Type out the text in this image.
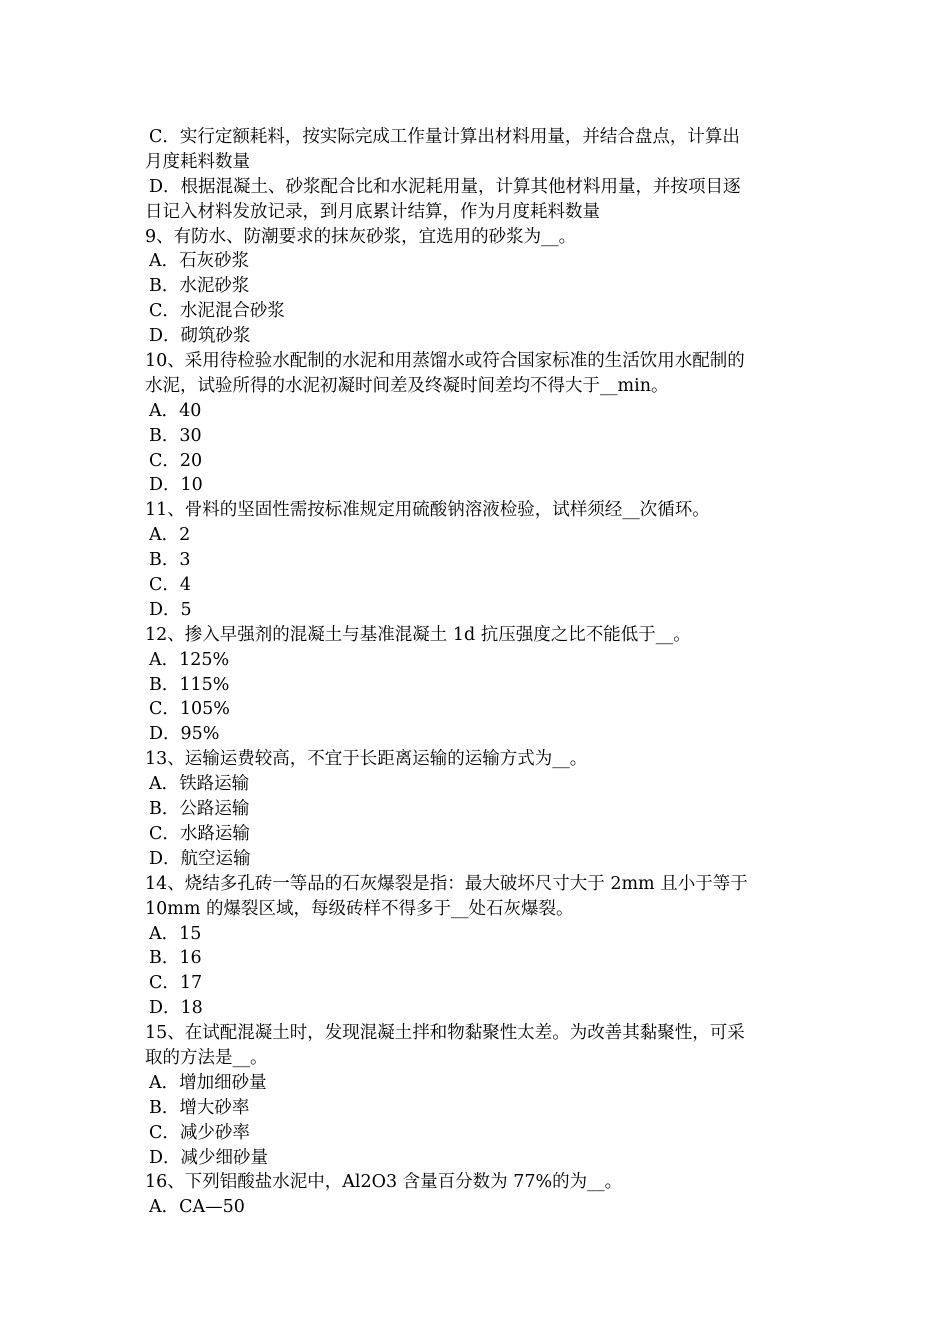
C．实行定额耗料，按实际完成工作量计算出材料用量，并结合盘点，计算出
月度耗料数量
D．根据混凝土、砂浆配合比和水泥耗用量，计算其他材料用量，并按项目逐
日记入材料发放记录，到月底累计结算，作为月度耗料数量
9、有防水、防潮要求的抹灰砂浆，宜选用的砂浆为__。
A．石灰砂浆
B．水泥砂浆
C．水泥混合砂浆
D．砌筑砂浆
10、采用待检验水配制的水泥和用蒸馏水或符合国家标准的生活饮用水配制的
水泥，试验所得的水泥初凝时间差及终凝时间差均不得大于__min。
A．40
B．30
C．20
D．10
11、骨料的坚固性需按标准规定用硫酸钠溶液检验，试样须经__次循环。
A．2
B．3
C．4
D．5
12、掺入早强剂的混凝土与基准混凝土 1d 抗压强度之比不能低于__。
A．125%
B．115%
C．105%
D．95%
13、运输运费较高，不宜于长距离运输的运输方式为__。
A．铁路运输
B．公路运输
C．水路运输
D．航空运输
14、烧结多孔砖一等品的石灰爆裂是指：最大破坏尺寸大于 2mm 且小于等于
10mm 的爆裂区域，每级砖样不得多于__处石灰爆裂。
A．15
B．16
C．17
D．18
15、在试配混凝土时，发现混凝土拌和物黏聚性太差。为改善其黏聚性，可采
取的方法是__。
A．增加细砂量
B．增大砂率
C．减少砂率
D．减少细砂量
16、下列铝酸盐水泥中，Al2O3 含量百分数为 77%的为__。
A．CA—50
